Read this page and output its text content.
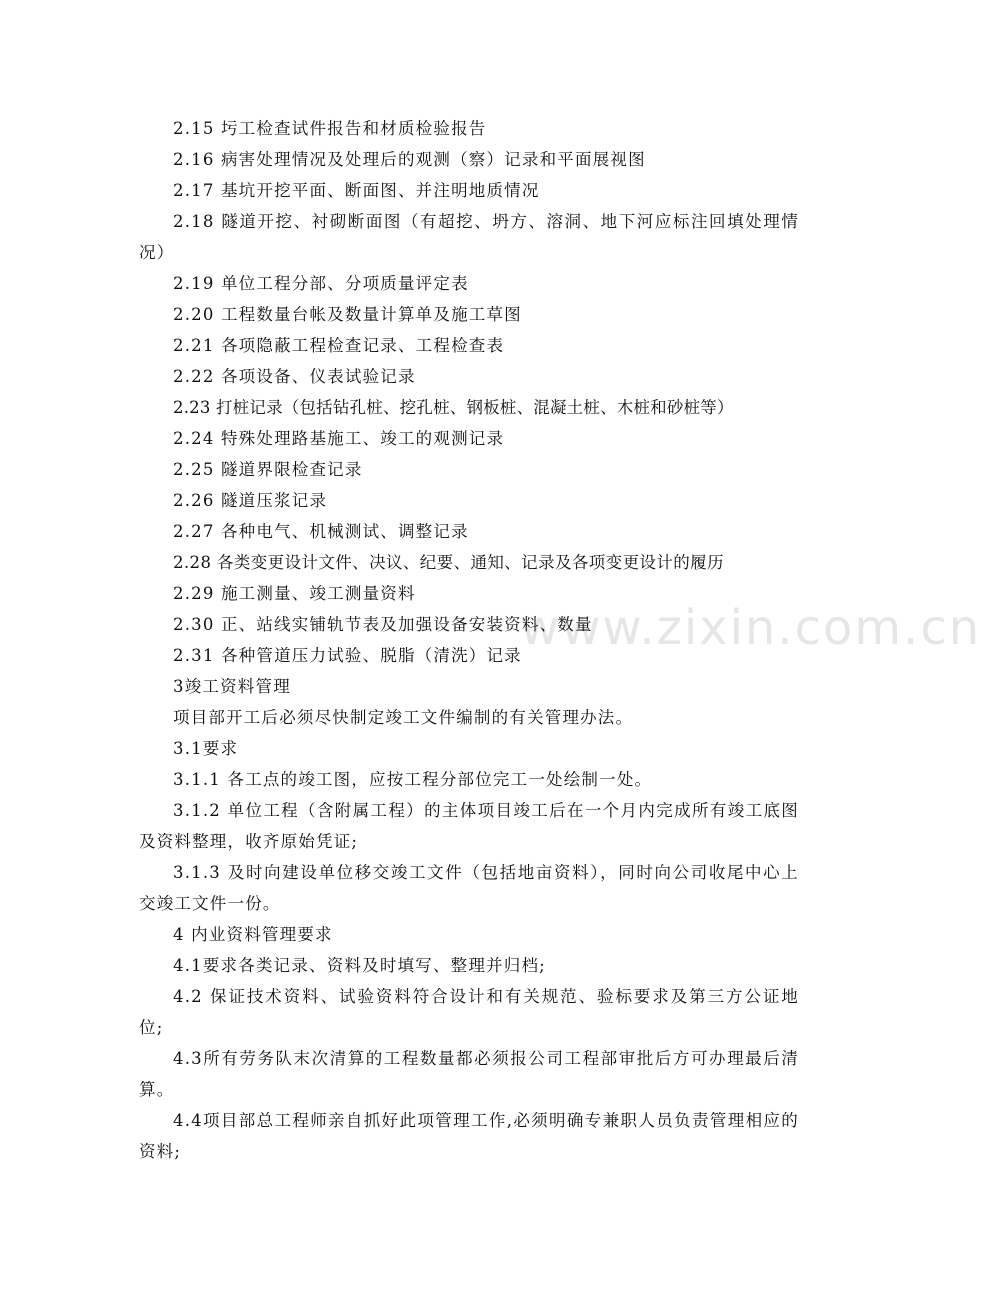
www.zixin.com.cn
2.15 圬工检查试件报告和材质检验报告
2.16 病害处理情况及处理后的观测（察）记录和平面展视图
2.17 基坑开挖平面、断面图、并注明地质情况
2.18 隧道开挖、衬砌断面图（有超挖、坍方、溶洞、地下河应标注回填处理情况）
2.19 单位工程分部、分项质量评定表
2.20 工程数量台帐及数量计算单及施工草图
2.21 各项隐蔽工程检查记录、工程检查表
2.22 各项设备、仪表试验记录
2.23 打桩记录（包括钻孔桩、挖孔桩、钢板桩、混凝土桩、木桩和砂桩等）
2.24 特殊处理路基施工、竣工的观测记录
2.25 隧道界限检查记录
2.26 隧道压浆记录
2.27 各种电气、机械测试、调整记录
2.28 各类变更设计文件、决议、纪要、通知、记录及各项变更设计的履历
2.29 施工测量、竣工测量资料
2.30 正、站线实铺轨节表及加强设备安装资料、数量
2.31 各种管道压力试验、脱脂（清洗）记录
3竣工资料管理
项目部开工后必须尽快制定竣工文件编制的有关管理办法。
3.1要求
3.1.1 各工点的竣工图，应按工程分部位完工一处绘制一处。
3.1.2 单位工程（含附属工程）的主体项目竣工后在一个月内完成所有竣工底图及资料整理，收齐原始凭证;
3.1.3 及时向建设单位移交竣工文件（包括地亩资料），同时向公司收尾中心上交竣工文件一份。
4 内业资料管理要求
4.1要求各类记录、资料及时填写、整理并归档;
4.2 保证技术资料、试验资料符合设计和有关规范、验标要求及第三方公证地位;
4.3所有劳务队末次清算的工程数量都必须报公司工程部审批后方可办理最后清算。
4.4项目部总工程师亲自抓好此项管理工作,必须明确专兼职人员负责管理相应的资料;
